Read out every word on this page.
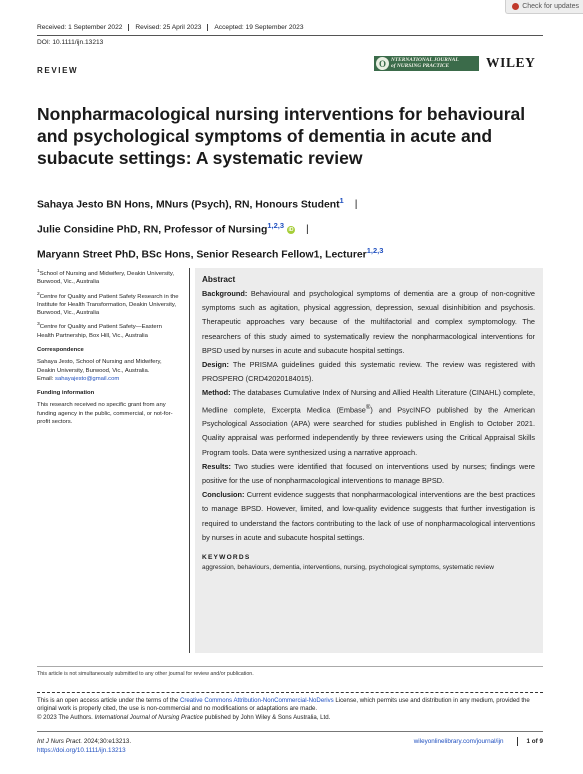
Check for updates
Received: 1 September 2022	Revised: 25 April 2023	Accepted: 19 September 2023
DOI: 10.1111/ijn.13213
REVIEW
O NTERNATIONAL JOURNAL
of NURSING PRACTICE	WILEY
Nonpharmacological nursing interventions for behavioural and psychological symptoms of dementia in acute and subacute settings: A systematic review
Sahaya Jesto BN Hons, MNurs (Psych), RN, Honours Student$^1$ |
Julie Considine PhD, RN, Professor of Nursing$^{1,2,3}$ iD |
Maryann Street PhD, BSc Hons, Senior Research Fellow1, Lecturer$^{1,2,3}$

$^1$School of Nursing and Midwifery, Deakin University, Burwood, Vic., Australia

$^2$Centre for Quality and Patient Safety Research in the Institute for Health Transformation, Deakin University, Burwood, Vic., Australia

$^3$Centre for Quality and Patient Safety—Eastern Health Partnership, Box Hill, Vic., Australia

Correspondence

Sahaya Jesto, School of Nursing and Midwifery, Deakin University, Burwood, Vic., Australia.
Email: sahayajesto@gmail.com

Funding information

This research received no specific grant from any funding agency in the public, commercial, or not-for-profit sectors.

Abstract
Background: Behavioural and psychological symptoms of dementia are a group of non-cognitive symptoms such as agitation, physical aggression, depression, sexual disinhibition and psychosis. Therapeutic approaches vary because of the multifactorial and complex symptomology. The researchers of this study aimed to systematically review the nonpharmacological interventions for BPSD used by nurses in acute and subacute hospital settings.
Design: The PRISMA guidelines guided this systematic review. The review was registered with PROSPERO (CRD42020184015).
Method: The databases Cumulative Index of Nursing and Allied Health Literature (CINAHL) complete, Medline complete, Excerpta Medica (Embase®) and PsycINFO published by the American Psychological Association (APA) were searched for studies published in English to October 2021. Quality appraisal was performed independently by three reviewers using the Critical Appraisal Skills Program tools. Data were synthesized using a narrative approach.
Results: Two studies were identified that focused on interventions used by nurses; findings were positive for the use of nonpharmacological interventions to manage BPSD.
Conclusion: Current evidence suggests that nonpharmacological interventions are the best practices to manage BPSD. However, limited, and low-quality evidence suggests that further investigation is required to understand the factors contributing to the lack of use of nonpharmacological interventions by nurses in acute and subacute hospital settings.
KEYWORDS
aggression, behaviours, dementia, interventions, nursing, psychological symptoms, systematic review
This article is not simultaneously submitted to any other journal for review and/or publication.
This is an open access article under the terms of the Creative Commons Attribution-NonCommercial-NoDerivs License, which permits use and distribution in any medium, provided the original work is properly cited, the use is non-commercial and no modifications or adaptations are made.
© 2023 The Authors. International Journal of Nursing Practice published by John Wiley & Sons Australia, Ltd.
Int J Nurs Pract. 2024;30:e13213.
https://doi.org/10.1111/ijn.13213
wileyonlinelibrary.com/journal/ijn	1 of 9
